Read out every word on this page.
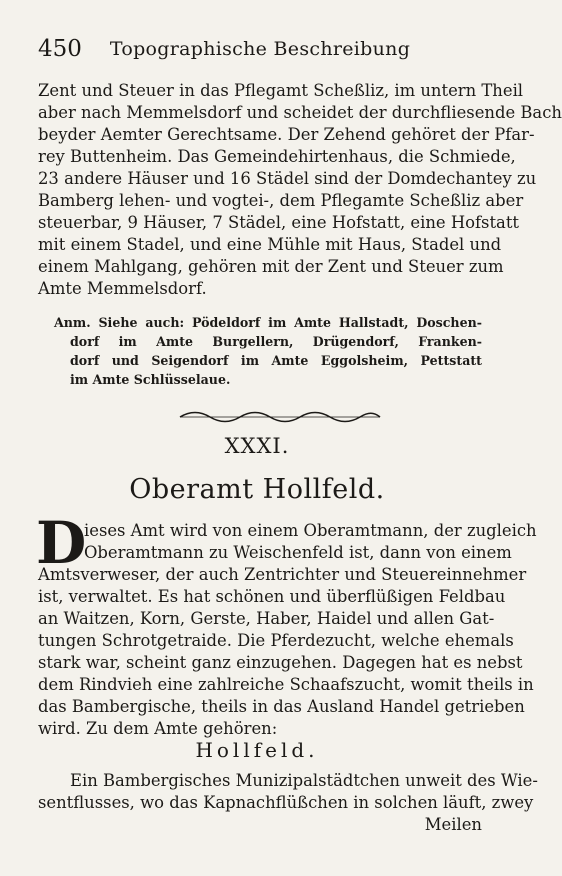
450	Topographische Beschreibung
Zent und Steuer in das Pflegamt Scheßliz, im untern Theil
aber nach Memmelsdorf und scheidet der durchfliesende Bach
beyder Aemter Gerechtsame. Der Zehend gehöret der Pfar-
rey Buttenheim. Das Gemeindehirtenhaus, die Schmiede,
23 andere Häuser und 16 Städel sind der Domdechantey zu
Bamberg lehen- und vogtei-, dem Pflegamte Scheßliz aber
steuerbar, 9 Häuser, 7 Städel, eine Hofstatt, eine Hofstatt
mit einem Stadel, und eine Mühle mit Haus, Stadel und
einem Mahlgang, gehören mit der Zent und Steuer zum
Amte Memmelsdorf.
Anm. Siehe auch: Pödeldorf im Amte Hallstadt, Doschen-
dorf im Amte Burgellern, Drügendorf, Franken-
dorf und Seigendorf im Amte Eggolsheim, Pettstatt
im Amte Schlüsselaue.
XXXI.
Oberamt Hollfeld.
D
ieses Amt wird von einem Oberamtmann, der zugleich
Oberamtmann zu Weischenfeld ist, dann von einem
Amtsverweser, der auch Zentrichter und Steuereinnehmer
ist, verwaltet. Es hat schönen und überflüßigen Feldbau
an Waitzen, Korn, Gerste, Haber, Haidel und allen Gat-
tungen Schrotgetraide. Die Pferdezucht, welche ehemals
stark war, scheint ganz einzugehen. Dagegen hat es nebst
dem Rindvieh eine zahlreiche Schaafszucht, womit theils in
das Bambergische, theils in das Ausland Handel getrieben
wird. Zu dem Amte gehören:
Hollfeld.
Ein Bambergisches Munizipalstädtchen unweit des Wie-
sentflusses, wo das Kapnachflüßchen in solchen läuft, zwey
Meilen
